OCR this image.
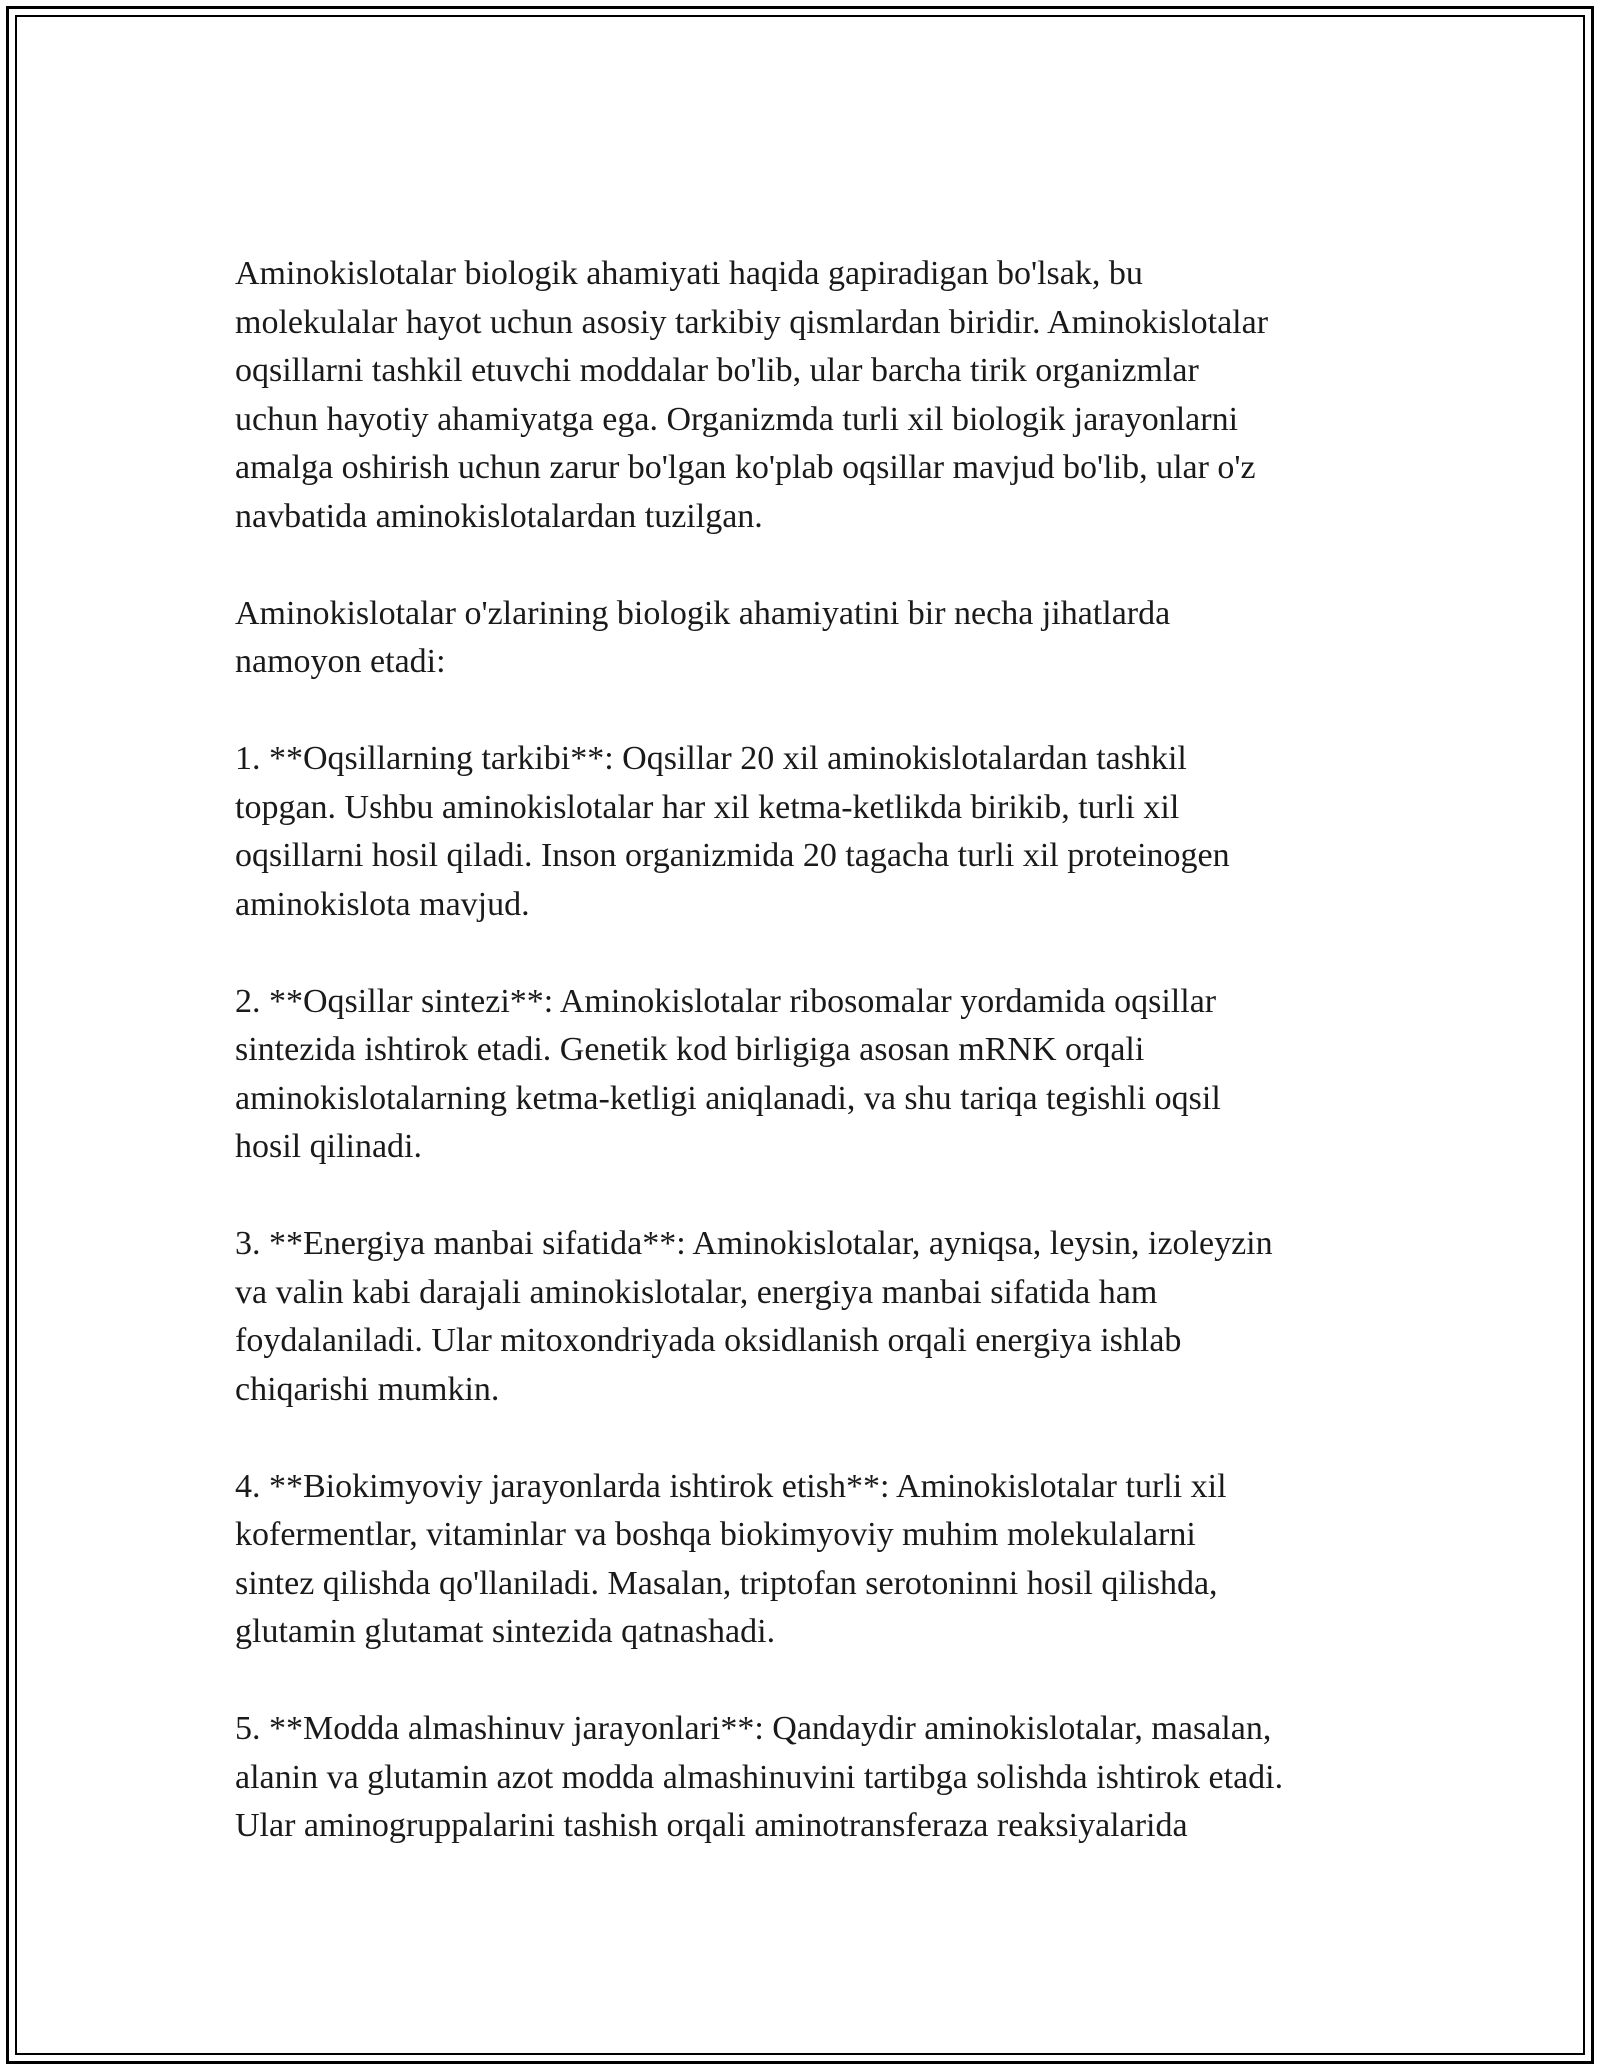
Aminokislotalar biologik ahamiyati haqida gapiradigan bo'lsak, bu
molekulalar hayot uchun asosiy tarkibiy qismlardan biridir. Aminokislotalar
oqsillarni tashkil etuvchi moddalar bo'lib, ular barcha tirik organizmlar
uchun hayotiy ahamiyatga ega. Organizmda turli xil biologik jarayonlarni
amalga oshirish uchun zarur bo'lgan ko'plab oqsillar mavjud bo'lib, ular o'z
navbatida aminokislotalardan tuzilgan.

Aminokislotalar o'zlarining biologik ahamiyatini bir necha jihatlarda
namoyon etadi:

1. **Oqsillarning tarkibi**: Oqsillar 20 xil aminokislotalardan tashkil
topgan. Ushbu aminokislotalar har xil ketma-ketlikda birikib, turli xil
oqsillarni hosil qiladi. Inson organizmida 20 tagacha turli xil proteinogen
aminokislota mavjud.

2. **Oqsillar sintezi**: Aminokislotalar ribosomalar yordamida oqsillar
sintezida ishtirok etadi. Genetik kod birligiga asosan mRNK orqali
aminokislotalarning ketma-ketligi aniqlanadi, va shu tariqa tegishli oqsil
hosil qilinadi.

3. **Energiya manbai sifatida**: Aminokislotalar, ayniqsa, leysin, izoleyzin
va valin kabi darajali aminokislotalar, energiya manbai sifatida ham
foydalaniladi. Ular mitoxondriyada oksidlanish orqali energiya ishlab
chiqarishi mumkin.

4. **Biokimyoviy jarayonlarda ishtirok etish**: Aminokislotalar turli xil
kofermentlar, vitaminlar va boshqa biokimyoviy muhim molekulalarni
sintez qilishda qo'llaniladi. Masalan, triptofan serotoninni hosil qilishda,
glutamin glutamat sintezida qatnashadi.

5. **Modda almashinuv jarayonlari**: Qandaydir aminokislotalar, masalan,
alanin va glutamin azot modda almashinuvini tartibga solishda ishtirok etadi.
Ular aminogruppalarini tashish orqali aminotransferaza reaksiyalarida
